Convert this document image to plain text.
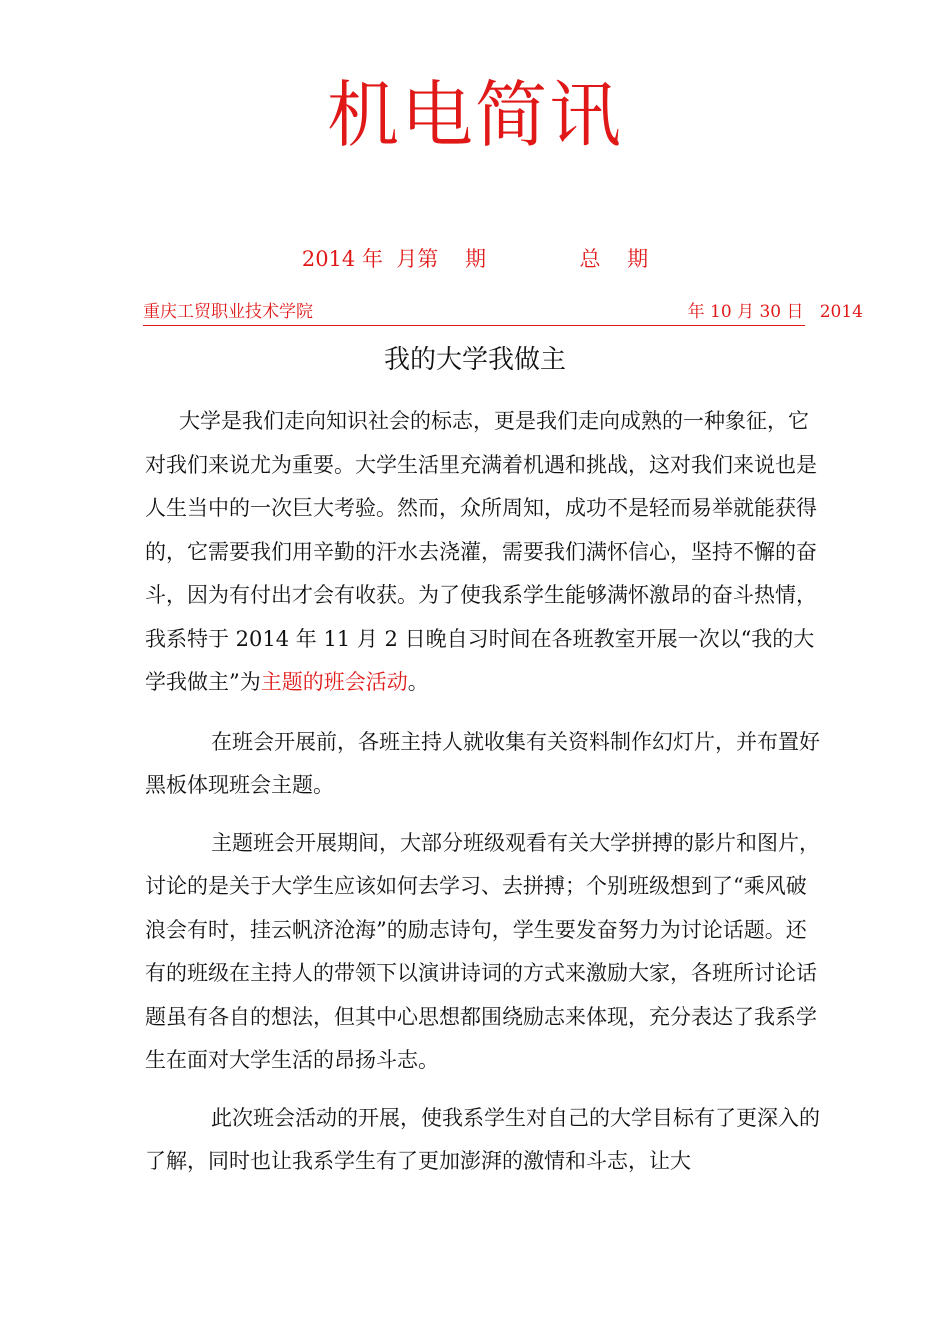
机电简讯
2014 年  月第    期              总    期
重庆工贸职业技术学院	年 10 月 30 日   2014
我的大学我做主

大学是我们走向知识社会的标志，更是我们走向成熟的一种象征，它对我们来说尤为重要。大学生活里充满着机遇和挑战，这对我们来说也是人生当中的一次巨大考验。然而，众所周知，成功不是轻而易举就能获得的，它需要我们用辛勤的汗水去浇灌，需要我们满怀信心，坚持不懈的奋斗，因为有付出才会有收获。为了使我系学生能够满怀激昂的奋斗热情，我系特于 2014 年 11 月 2 日晚自习时间在各班教室开展一次以“我的大学我做主”为主题的班会活动。

在班会开展前，各班主持人就收集有关资料制作幻灯片，并布置好黑板体现班会主题。

主题班会开展期间，大部分班级观看有关大学拼搏的影片和图片，讨论的是关于大学生应该如何去学习、去拼搏；个别班级想到了“乘风破浪会有时，挂云帆济沧海”的励志诗句，学生要发奋努力为讨论话题。还有的班级在主持人的带领下以演讲诗词的方式来激励大家，各班所讨论话题虽有各自的想法，但其中心思想都围绕励志来体现，充分表达了我系学生在面对大学生活的昂扬斗志。

此次班会活动的开展，使我系学生对自己的大学目标有了更深入的了解，同时也让我系学生有了更加澎湃的激情和斗志，让大
